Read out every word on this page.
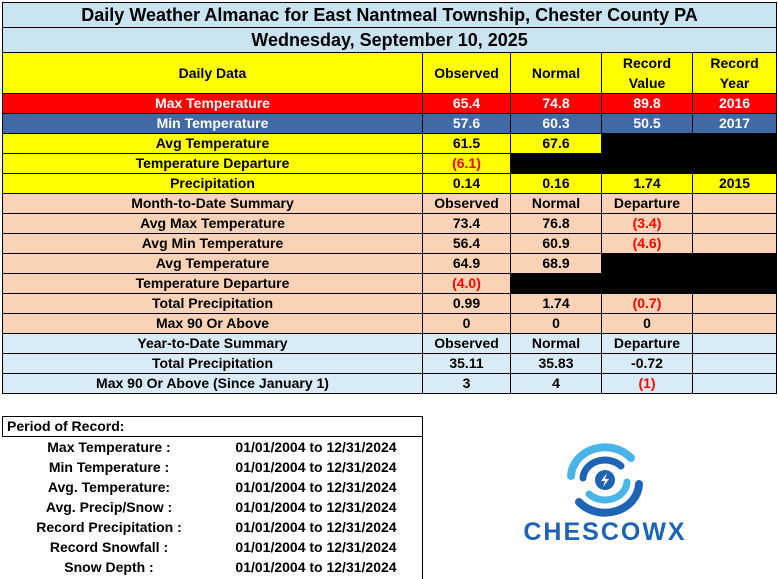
Daily Weather Almanac for East Nantmeal Township, Chester County PA				
Wednesday, September 10, 2025				
Daily Data	Observed	Normal	Record Value	Record Year
Max Temperature	65.4	74.8	89.8	2016
Min Temperature	57.6	60.3	50.5	2017
Avg Temperature	61.5	67.6		
Temperature Departure	(6.1)			
Precipitation	0.14	0.16	1.74	2015
Month-to-Date Summary	Observed	Normal	Departure	
Avg Max Temperature	73.4	76.8	(3.4)	
Avg Min Temperature	56.4	60.9	(4.6)	
Avg Temperature	64.9	68.9		
Temperature Departure	(4.0)			
Total Precipitation	0.99	1.74	(0.7)	
Max 90 Or Above	0	0	0	
Year-to-Date Summary	Observed	Normal	Departure	
Total Precipitation	35.11	35.83	-0.72	
Max 90 Or Above (Since January 1)	3	4	(1)	
Period of Record:
Max Temperature :	01/01/2004 to 12/31/2024
Min Temperature :	01/01/2004 to 12/31/2024
Avg. Temperature:	01/01/2004 to 12/31/2024
Avg. Precip/Snow :	01/01/2004 to 12/31/2024
Record Precipitation :	01/01/2004 to 12/31/2024
Record Snowfall :	01/01/2004 to 12/31/2024
Snow Depth :	01/01/2004 to 12/31/2024
CHESCOWX
